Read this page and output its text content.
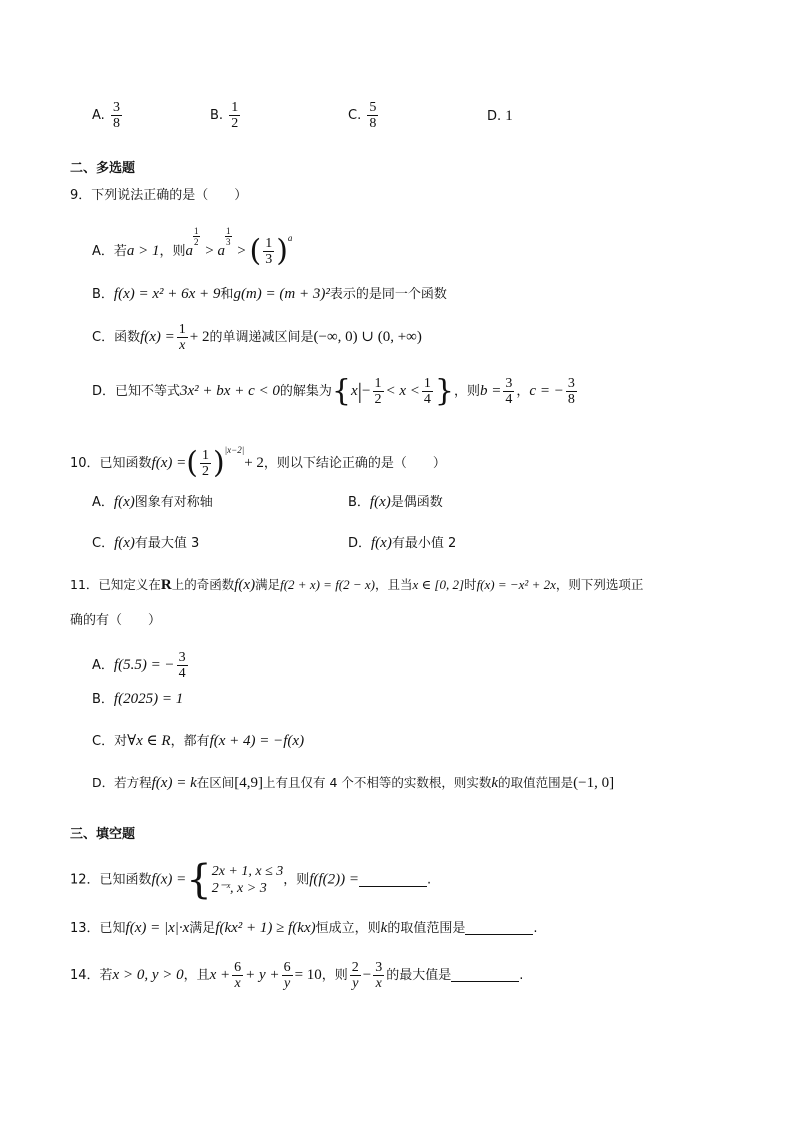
A. $\frac{3}{8}$	B. $\frac{1}{2}$	C. $\frac{5}{8}$	D. 1
二、多选题
9．下列说法正确的是（　　）
A．若a > 1，则a
$\frac{1}{2}$
> a
$\frac{1}{3}$
> ( $\frac{1}{3} )^a$
B．f(x) = x² + 6x + 9和g(m) = (m + 3)²表示的是同一个函数
C．函数$f(x) = \frac{1}{x} + 2$的单调递减区间是(−∞, 0) ∪ (0, +∞)
D．已知不等式3x² + bx + c < 0的解集为{$x|- \frac{1}{2} < x < \frac{1}{4}$ }，则$b = \frac{3}{4}$ ，c = − $\frac{3}{8}$
10．已知函数f(x) =( $\frac{1}{2} )^{|x-2|}+ 2$，则以下结论正确的是（　　）
A．f(x)图象有对称轴	B．f(x)是偶函数
C．f(x)有最大值 3	D．f(x)有最小值 2
11．已知定义在R上的奇函数f(x)满足f(2 + x) = f(2 − x)，且当x ∈ [0, 2]时f(x) = −x² + 2x，则下列选项正
确的有（　　）
A．f(5.5) = − $\frac{3}{4}$
B．f(2025) = 1
C．对∀x ∈ R，都有f(x + 4) = −f(x)
D．若方程f(x) = k在区间[4,9]上有且仅有 4 个不相等的实数根，则实数k的取值范围是(−1, 0]
三、填空题
12．已知函数f(x) ={ 2x + 1, x ≤ 3
2⁻ˣ, x > 3
，则f(f(2)) =	.
13．已知f(x) = |x|·x满足f(kx² + 1) ≥ f(kx)恒成立，则k的取值范围是	.
14．若x > 0, y > 0，且$x + \frac{6}{x} + y + \frac{6}{y} = 10$，则 $\frac{2}{y} - \frac{3}{x}$ 的最大值是	.
